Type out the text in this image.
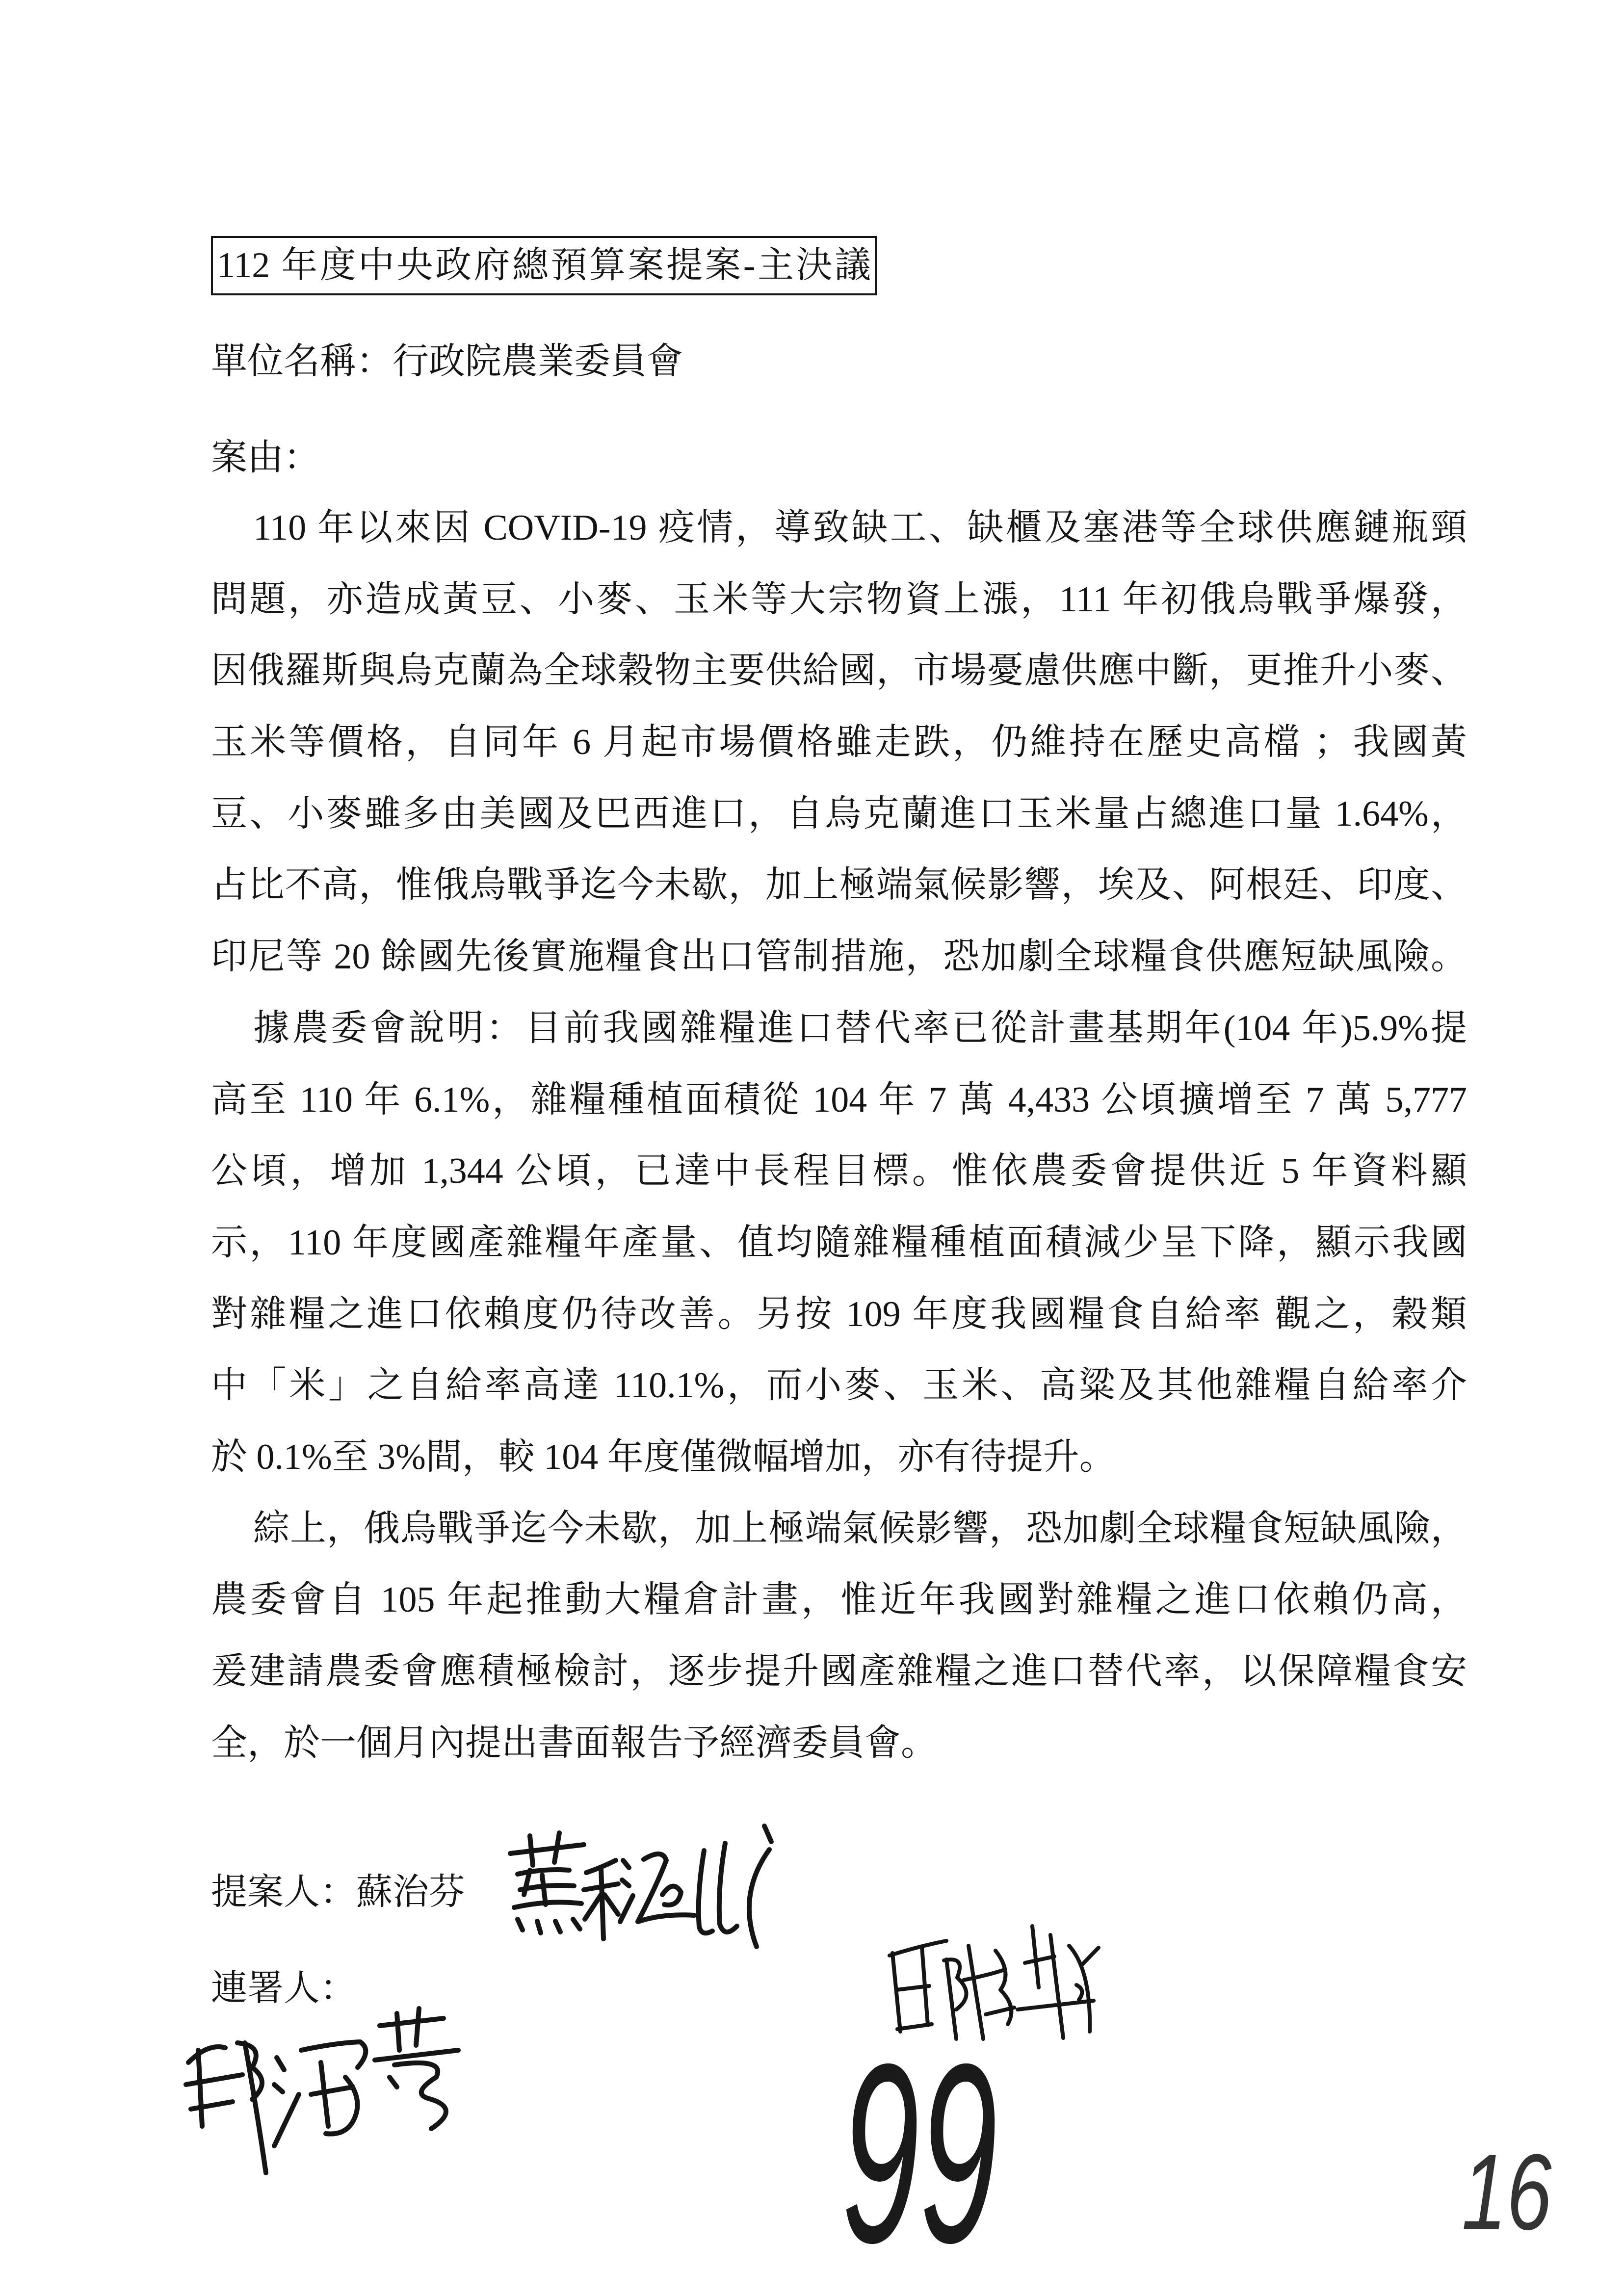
112 年度中央政府總預算案提案-主決議
單位名稱：行政院農業委員會
案由：
110 年以來因 COVID-19 疫情，導致缺工、缺櫃及塞港等全球供應鏈瓶頸
問題，亦造成黃豆、小麥、玉米等大宗物資上漲，111 年初俄烏戰爭爆發，
因俄羅斯與烏克蘭為全球穀物主要供給國，市場憂慮供應中斷，更推升小麥、
玉米等價格，自同年 6 月起市場價格雖走跌，仍維持在歷史高檔 ；我國黃
豆、小麥雖多由美國及巴西進口，自烏克蘭進口玉米量占總進口量 1.64%，
占比不高，惟俄烏戰爭迄今未歇，加上極端氣候影響，埃及、阿根廷、印度、
印尼等 20 餘國先後實施糧食出口管制措施，恐加劇全球糧食供應短缺風險。
據農委會說明：目前我國雜糧進口替代率已從計畫基期年(104 年)5.9%提
高至 110 年 6.1%，雜糧種植面積從 104 年 7 萬 4,433 公頃擴增至 7 萬 5,777
公頃，增加 1,344 公頃，已達中長程目標。惟依農委會提供近 5 年資料顯
示，110 年度國產雜糧年產量、值均隨雜糧種植面積減少呈下降，顯示我國
對雜糧之進口依賴度仍待改善。另按 109 年度我國糧食自給率 觀之，穀類
中「米」之自給率高達 110.1%，而小麥、玉米、高粱及其他雜糧自給率介
於 0.1%至 3%間，較 104 年度僅微幅增加，亦有待提升。
綜上，俄烏戰爭迄今未歇，加上極端氣候影響，恐加劇全球糧食短缺風險，
農委會自 105 年起推動大糧倉計畫，惟近年我國對雜糧之進口依賴仍高，
爰建請農委會應積極檢討，逐步提升國產雜糧之進口替代率，以保障糧食安
全，於一個月內提出書面報告予經濟委員會。
提案人：蘇治芬
連署人：
99	16
